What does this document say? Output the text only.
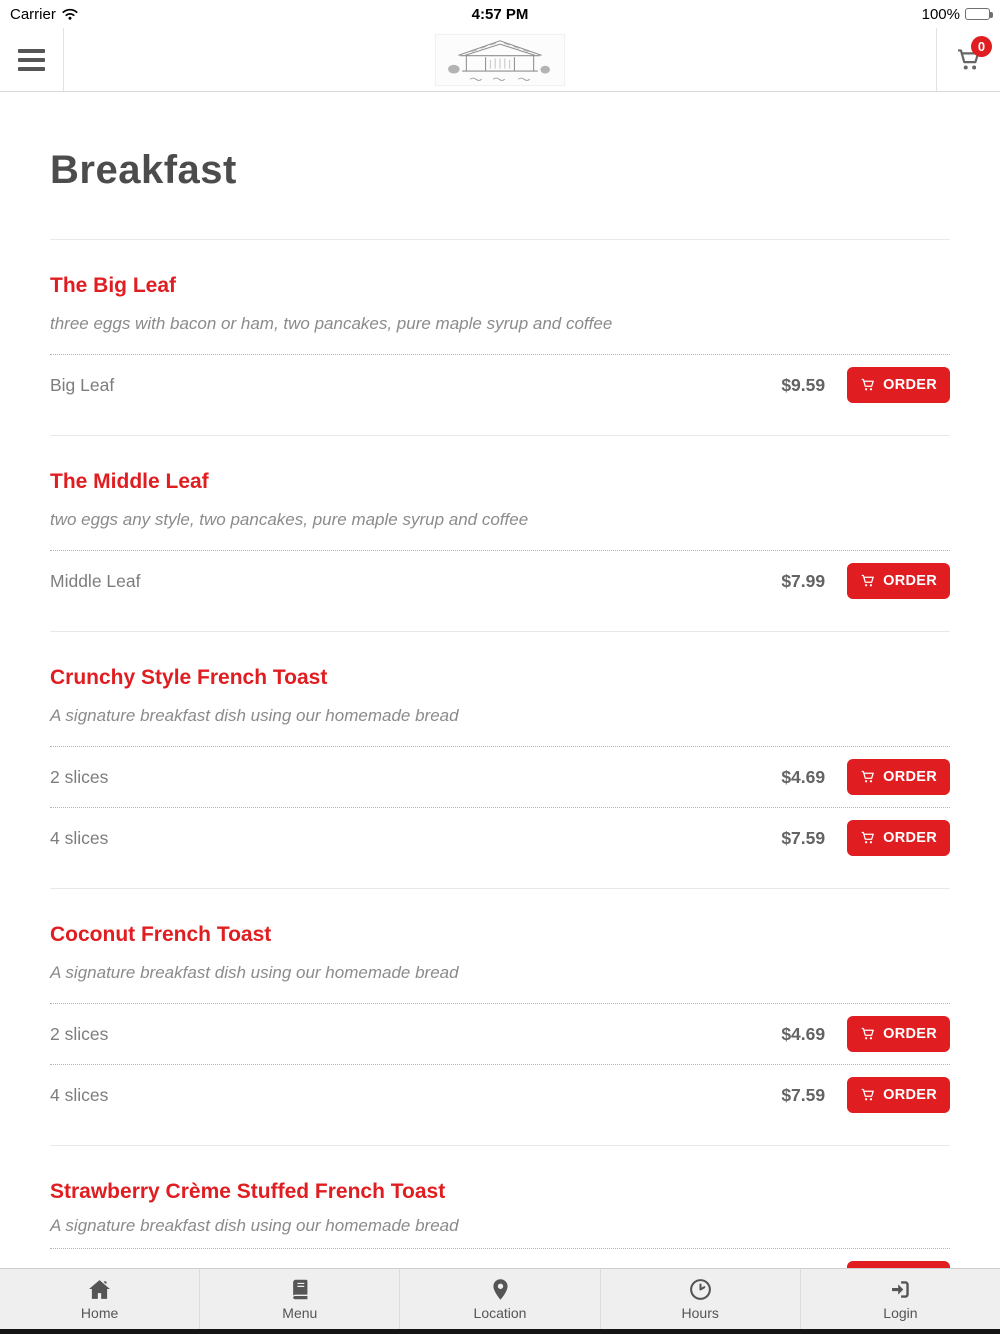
Carrier	4:57 PM	100%
0
Breakfast
The Big Leaf

three eggs with bacon or ham, two pancakes, pure maple syrup and coffee

Big Leaf	$9.59	ORDER
The Middle Leaf

two eggs any style, two pancakes, pure maple syrup and coffee

Middle Leaf	$7.99	ORDER
Crunchy Style French Toast

A signature breakfast dish using our homemade bread

2 slices	$4.69	ORDER
4 slices	$7.59	ORDER
Coconut French Toast

A signature breakfast dish using our homemade bread

2 slices	$4.69	ORDER
4 slices	$7.59	ORDER
Strawberry Crème Stuffed French Toast

A signature breakfast dish using our homemade bread

Home	Menu	Location	Hours	Login
